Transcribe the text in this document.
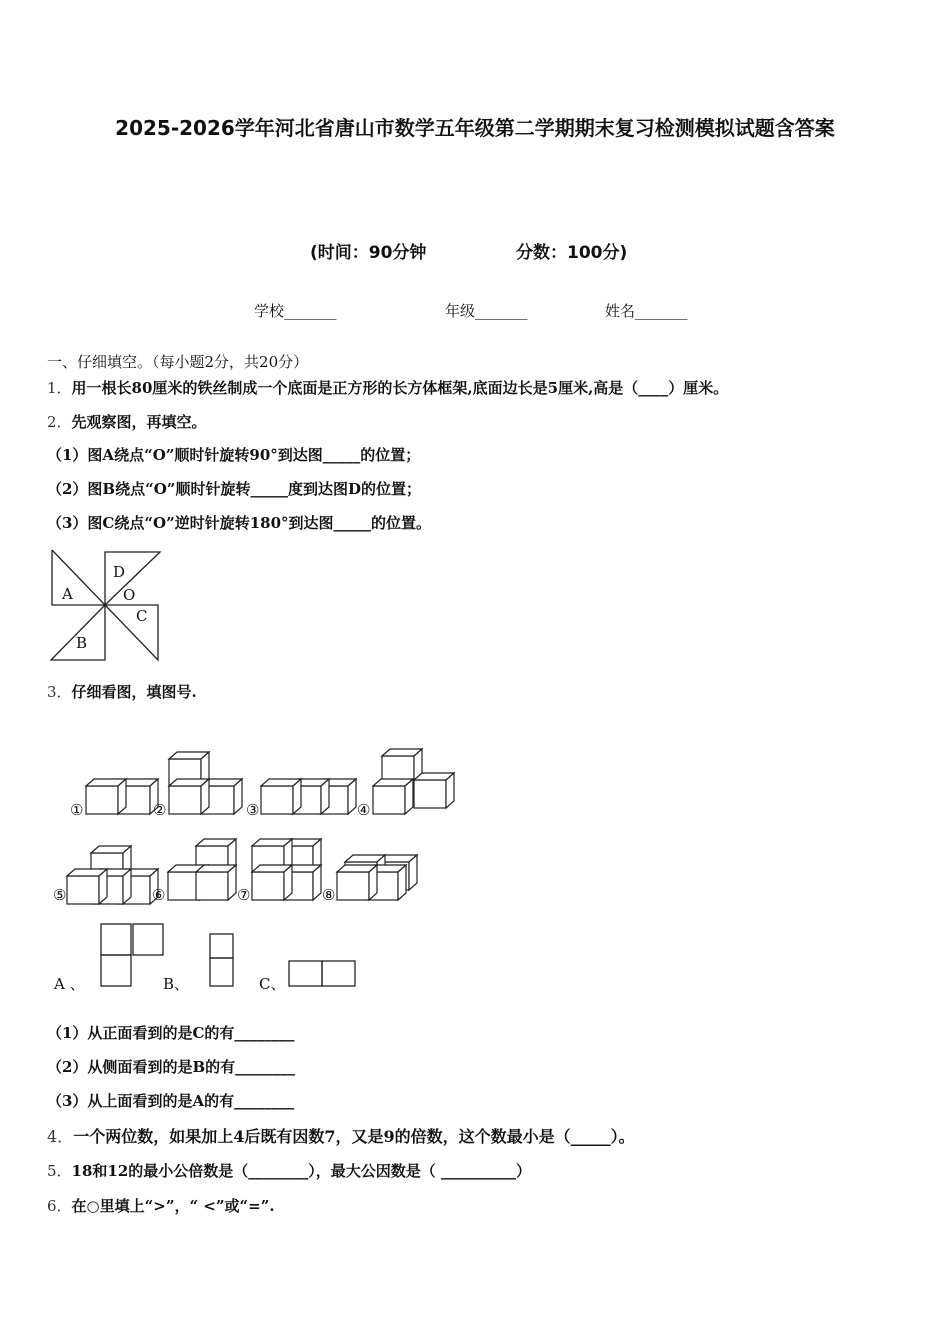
2025-2026学年河北省唐山市数学五年级第二学期期末复习检测模拟试题含答案
(时间：90分钟	分数：100分)
学校_______	年级_______	姓名_______
一、仔细填空。（每小题2分，共20分）
1．用一根长80厘米的铁丝制成一个底面是正方形的长方体框架,底面边长是5厘米,高是（____）厘米。
2．先观察图，再填空。
（1）图A绕点“O”顺时针旋转90°到达图_____的位置；
（2）图B绕点“O”顺时针旋转_____度到达图D的位置；
（3）图C绕点“O”逆时针旋转180°到达图_____的位置。
A
D
O
C
B
3．仔细看图，填图号.
①	②	③	④
⑤	⑥	⑦	⑧
A 、	B、	C、
（1）从正面看到的是C的有________
（2）从侧面看到的是B的有________
（3）从上面看到的是A的有________
4．一个两位数，如果加上4后既有因数7，又是9的倍数，这个数最小是（_____）。
5．18和12的最小公倍数是（________），最大公因数是（ __________）
6．在○里填上“>”，“ <”或“=”.
